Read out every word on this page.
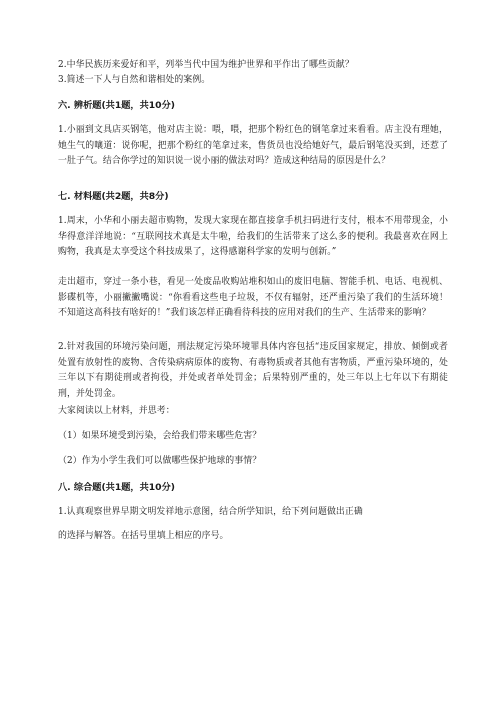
2.中华民族历来爱好和平，列举当代中国为维护世界和平作出了哪些贡献？
3.简述一下人与自然和谐相处的案例。
六. 辨析题(共1题，共10分)
1.小丽到文具店买钢笔，他对店主说：喂，喂，把那个粉红色的钢笔拿过来看看。店主没有理她，她生气的嚷道：说你呢，把那个粉红的笔拿过来，售货员也没给她好气，最后钢笔没买到，还惹了一肚子气。结合你学过的知识说一说小丽的做法对吗？造成这种结局的原因是什么？
七. 材料题(共2题，共8分)
1.周末，小华和小丽去超市购物，发现大家现在都直接拿手机扫码进行支付，根本不用带现金，小华得意洋洋地说：“互联网技术真是太牛啦，给我们的生活带来了这么多的便利。我最喜欢在网上购物，我真是太享受这个科技成果了，这得感谢科学家的发明与创新。”
走出超市，穿过一条小巷，看见一处废品收购站堆积如山的废旧电脑、智能手机、电话、电视机、影碟机等，小丽撇撇嘴说：“你看看这些电子垃圾，不仅有辐射，还严重污染了我们的生活环境！不知道这高科技有啥好的！”我们该怎样正确看待科技的应用对我们的生产、生活带来的影响？
2.针对我国的环境污染问题，刑法规定污染环境罪具体内容包括“违反国家规定，排放、倾倒或者处置有放射性的废物、含传染病病原体的废物、有毒物质或者其他有害物质，严重污染环境的，处三年以下有期徒刑或者拘役，并处或者单处罚金；后果特别严重的，处三年以上七年以下有期徒刑，并处罚金。
大家阅读以上材料，并思考：
（1）如果环境受到污染，会给我们带来哪些危害？
（2）作为小学生我们可以做哪些保护地球的事情？
八. 综合题(共1题，共10分)
1.认真观察世界早期文明发祥地示意图，结合所学知识，给下列问题做出正确
的选择与解答。在括号里填上相应的序号。
